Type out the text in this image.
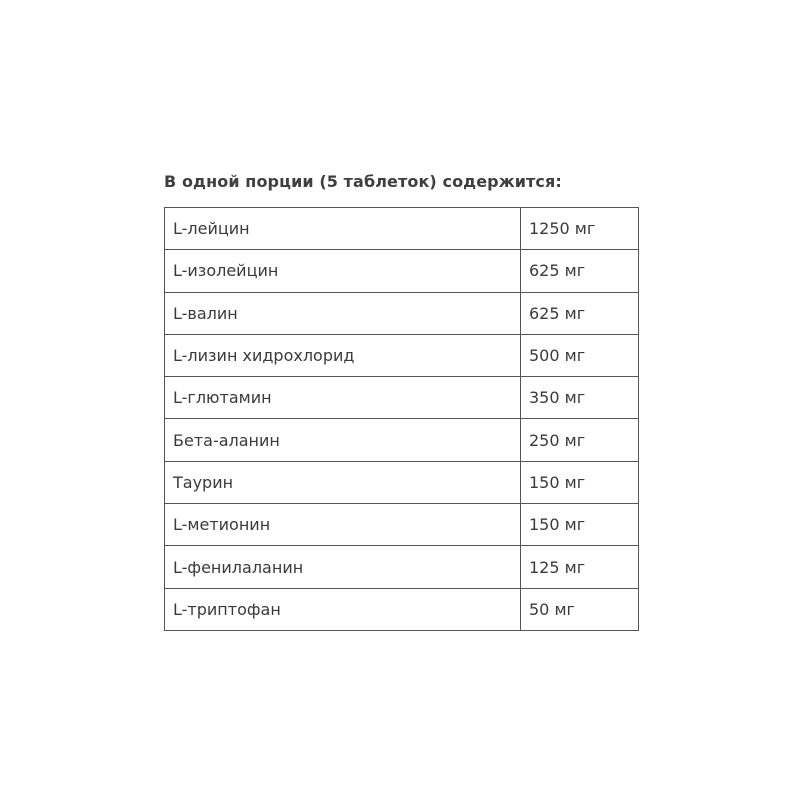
В одной порции (5 таблеток) содержится:
L-лейцин	1250 мг
L-изолейцин	625 мг
L-валин	625 мг
L-лизин хидрохлорид	500 мг
L-глютамин	350 мг
Бета-аланин	250 мг
Таурин	150 мг
L-метионин	150 мг
L-фенилаланин	125 мг
L-триптофан	50 мг
